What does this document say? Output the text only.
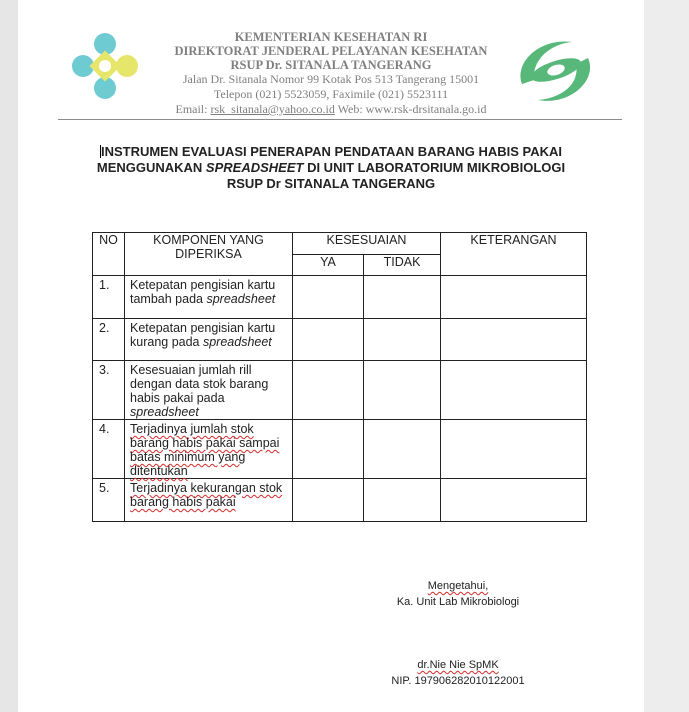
KEMENTERIAN KESEHATAN RI
DIREKTORAT JENDERAL PELAYANAN KESEHATAN
RSUP Dr. SITANALA TANGERANG
Jalan Dr. Sitanala Nomor 99 Kotak Pos 513 Tangerang 15001
Telepon (021) 5523059, Faximile (021) 5523111
Email: rsk_sitanala@yahoo.co.id Web: www.rsk-drsitanala.go.id
INSTRUMEN EVALUASI PENERAPAN PENDATAAN BARANG HABIS PAKAI
MENGGUNAKAN SPREADSHEET DI UNIT LABORATORIUM MIKROBIOLOGI
RSUP Dr SITANALA TANGERANG
NO	KOMPONEN YANG DIPERIKSA	KESESUAIAN		KETERANGAN
		YA	TIDAK	
1.	Ketepatan pengisian kartu tambah pada spreadsheet			
2.	Ketepatan pengisian kartu kurang pada spreadsheet			
3.	Kesesuaian jumlah rill dengan data stok barang habis pakai pada spreadsheet			
4.	Terjadinya jumlah stok barang habis pakai sampai batas minimum yang ditentukan			
5.	Terjadinya kekurangan stok barang habis pakai			
Mengetahui,
Ka. Unit Lab Mikrobiologi
dr.Nie Nie SpMK
NIP. 197906282010122001
